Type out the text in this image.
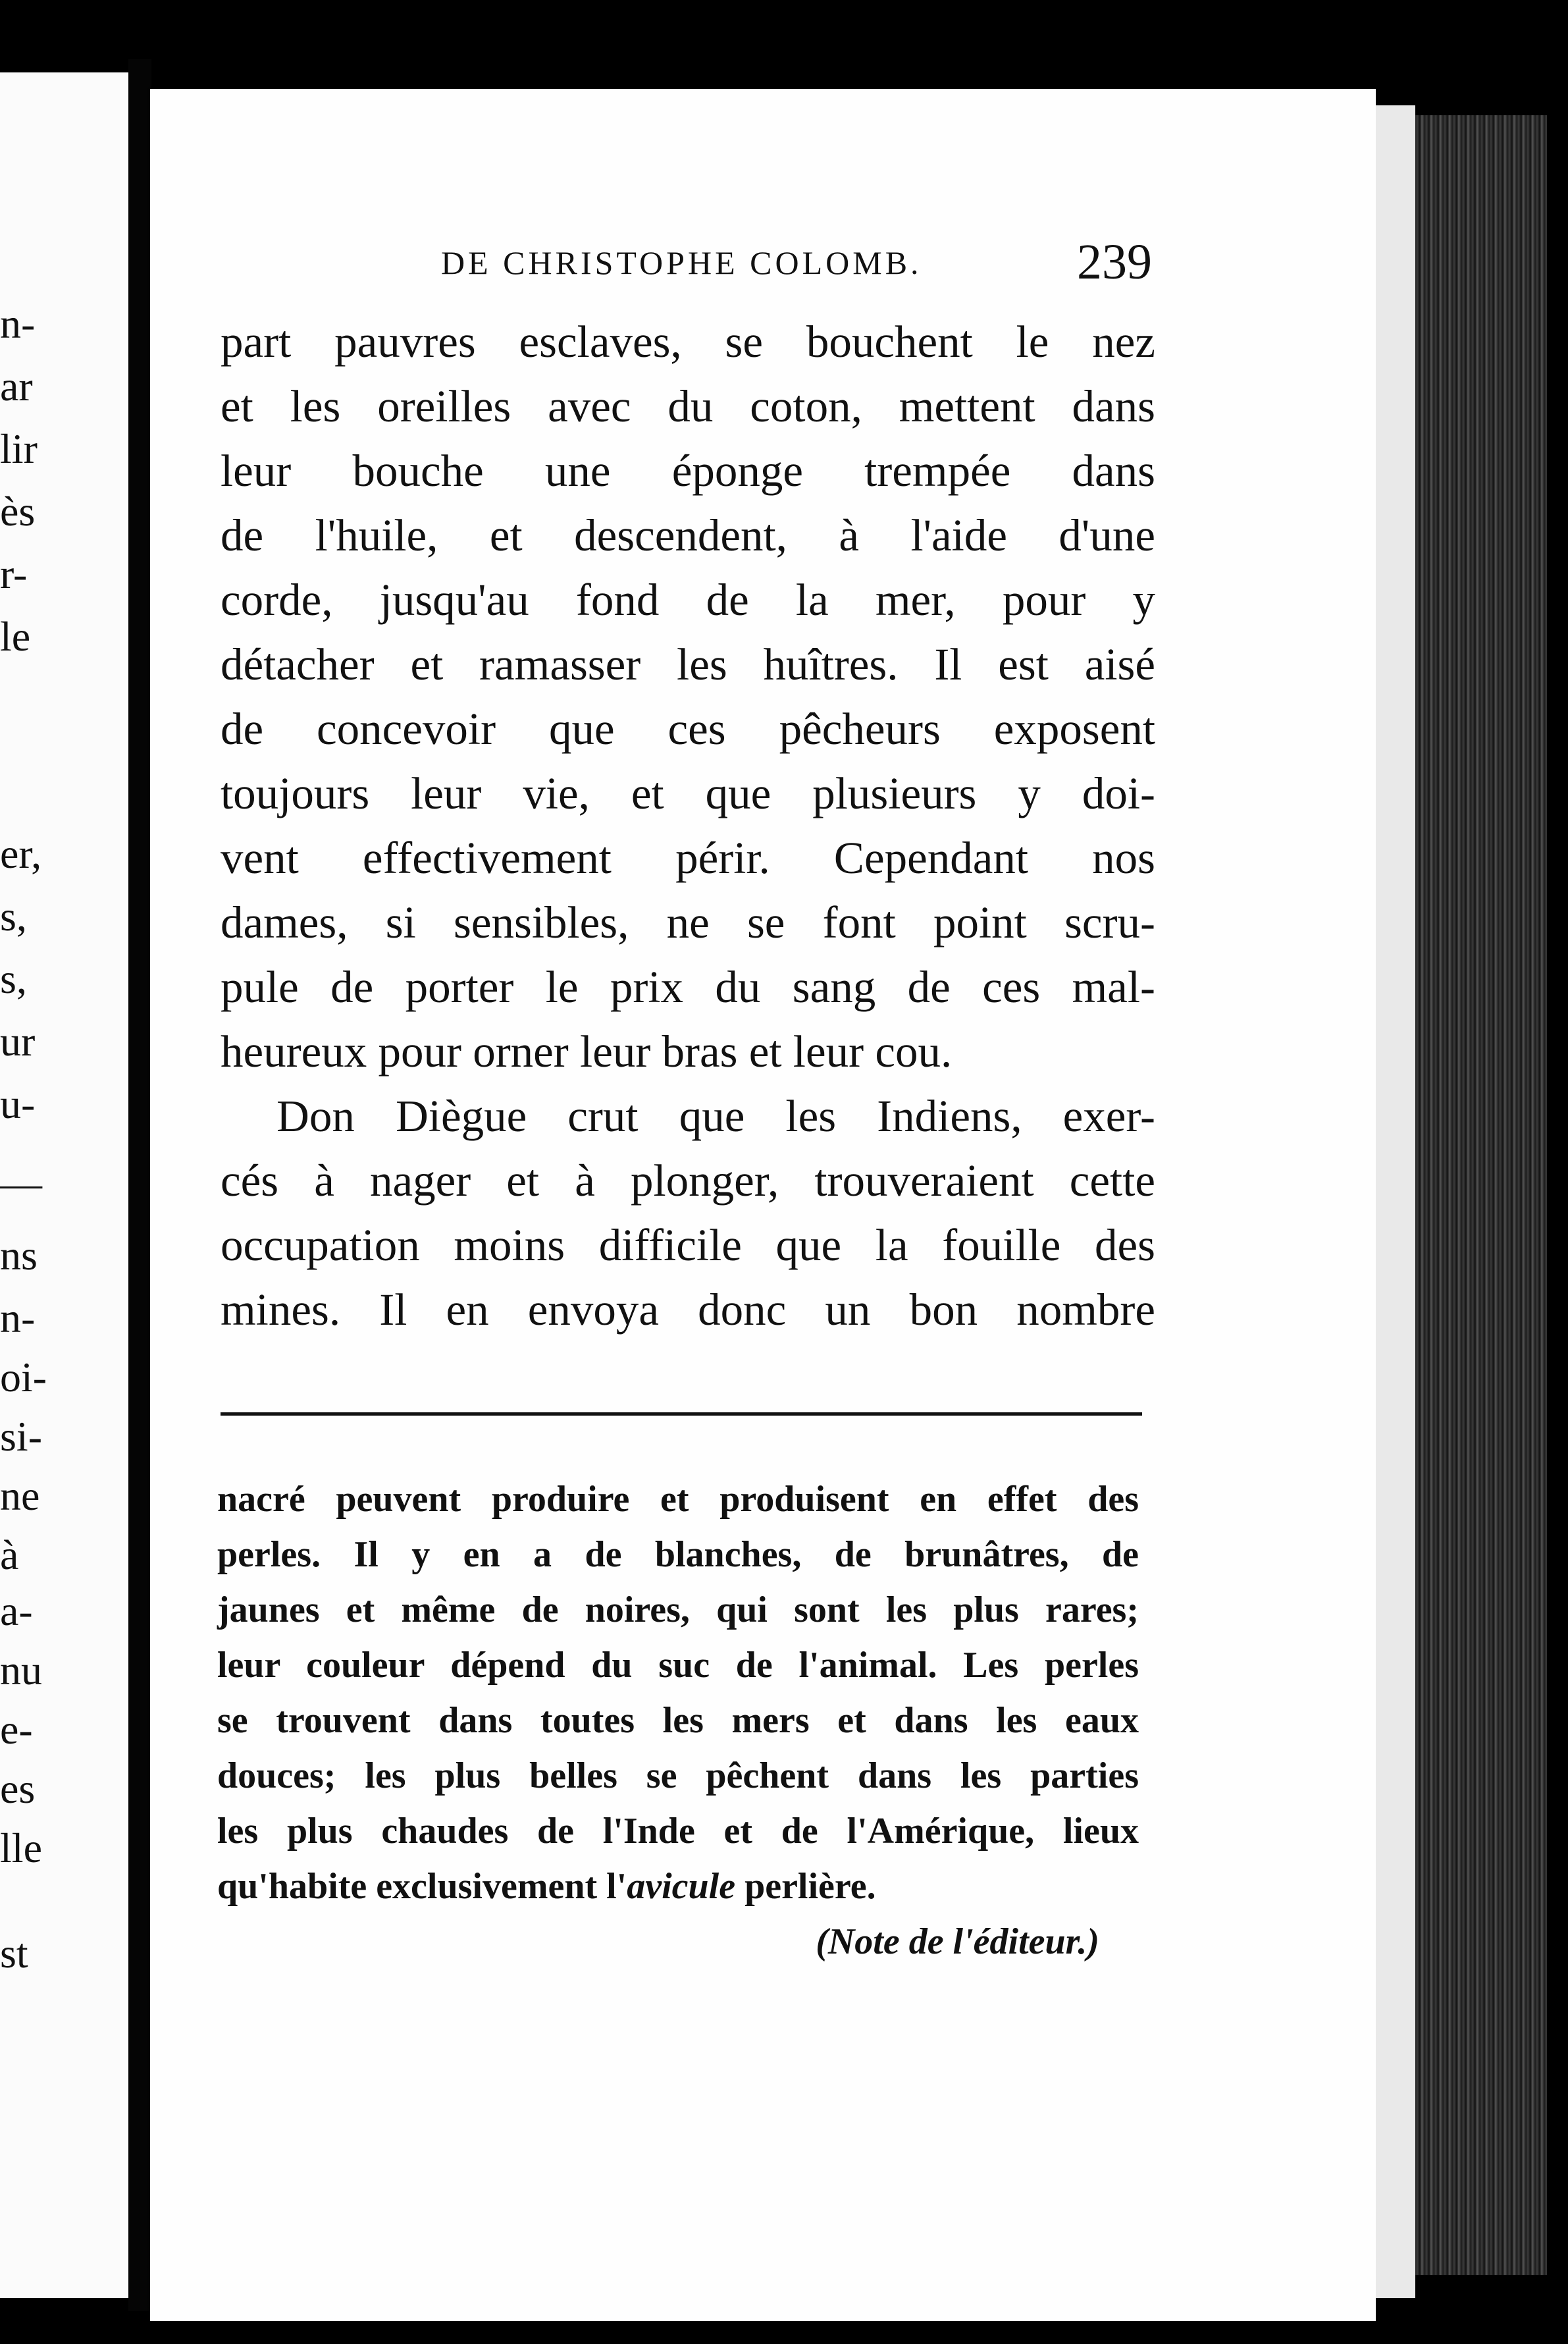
n-
ar
lir
ès
r-
le
er,
s,
s,
ur
u-
—
ns
n-
oi-
si-
ne
à
a-
nu
e-
es
lle
st
DE CHRISTOPHE COLOMB.	239
part pauvres esclaves, se bouchent le nez
et les oreilles avec du coton, mettent dans
leur bouche une éponge trempée dans
de l'huile, et descendent, à l'aide d'une
corde, jusqu'au fond de la mer, pour y
détacher et ramasser les huîtres. Il est aisé
de concevoir que ces pêcheurs exposent
toujours leur vie, et que plusieurs y doi-
vent effectivement périr. Cependant nos
dames, si sensibles, ne se font point scru-
pule de porter le prix du sang de ces mal-
heureux pour orner leur bras et leur cou.
Don Diègue crut que les Indiens, exer-
cés à nager et à plonger, trouveraient cette
occupation moins difficile que la fouille des
mines. Il en envoya donc un bon nombre
nacré peuvent produire et produisent en effet des
perles. Il y en a de blanches, de brunâtres, de
jaunes et même de noires, qui sont les plus rares;
leur couleur dépend du suc de l'animal. Les perles
se trouvent dans toutes les mers et dans les eaux
douces; les plus belles se pêchent dans les parties
les plus chaudes de l'Inde et de l'Amérique, lieux
qu'habite exclusivement l'avicule perlière.
(Note de l'éditeur.)
